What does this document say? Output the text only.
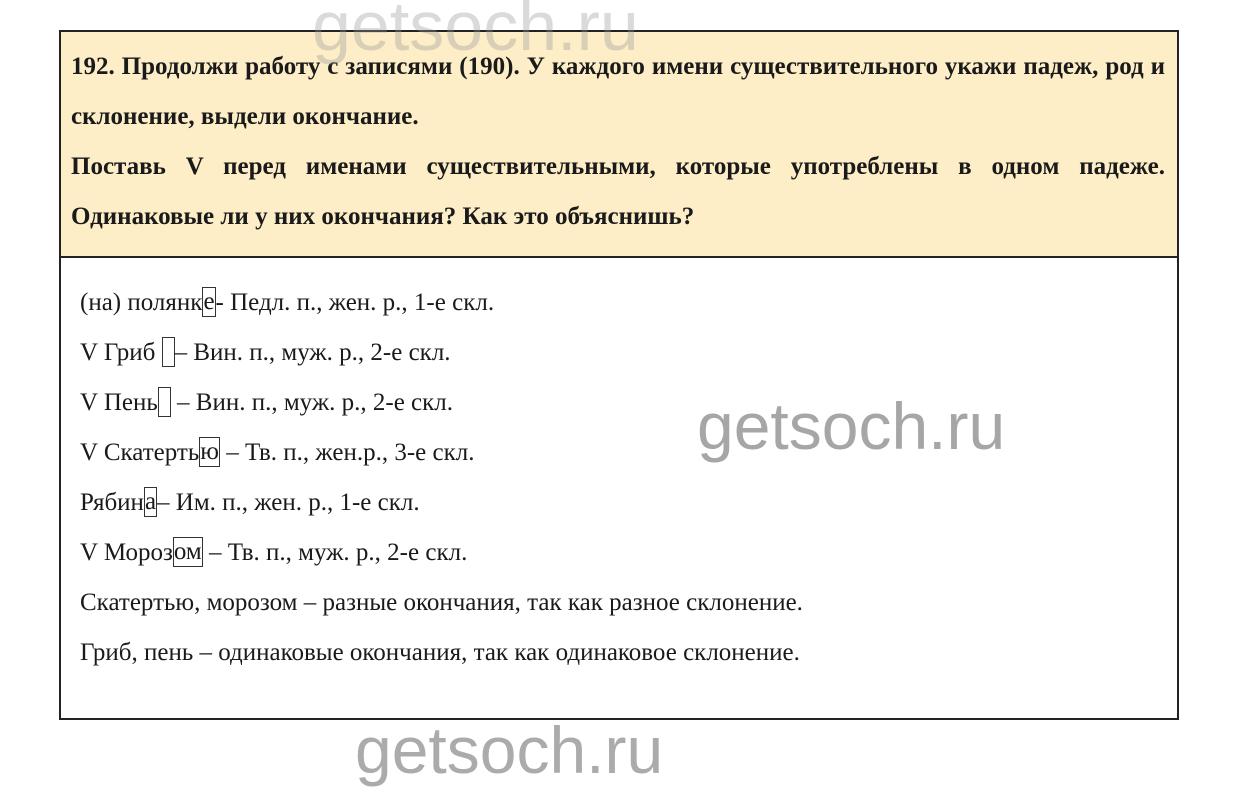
192. Продолжи работу с записями (190). У каждого имени существительного укажи падеж, род и склонение, выдели окончание.

Поставь V перед именами существительными, которые употреблены в одном падеже. Одинаковые ли у них окончания? Как это объяснишь?

(на) полянке- Педл. п., жен. р., 1-е скл.
V Гриб – Вин. п., муж. р., 2-е скл.
V Пень – Вин. п., муж. р., 2-е скл.
V Скатертью – Тв. п., жен.р., 3-е скл.
Рябина– Им. п., жен. р., 1-е скл.
V Морозом – Тв. п., муж. р., 2-е скл.
Скатертью, морозом – разные окончания, так как разное склонение.
Гриб, пень – одинаковые окончания, так как одинаковое склонение.
getsoch.ru
getsoch.ru
getsoch.ru
